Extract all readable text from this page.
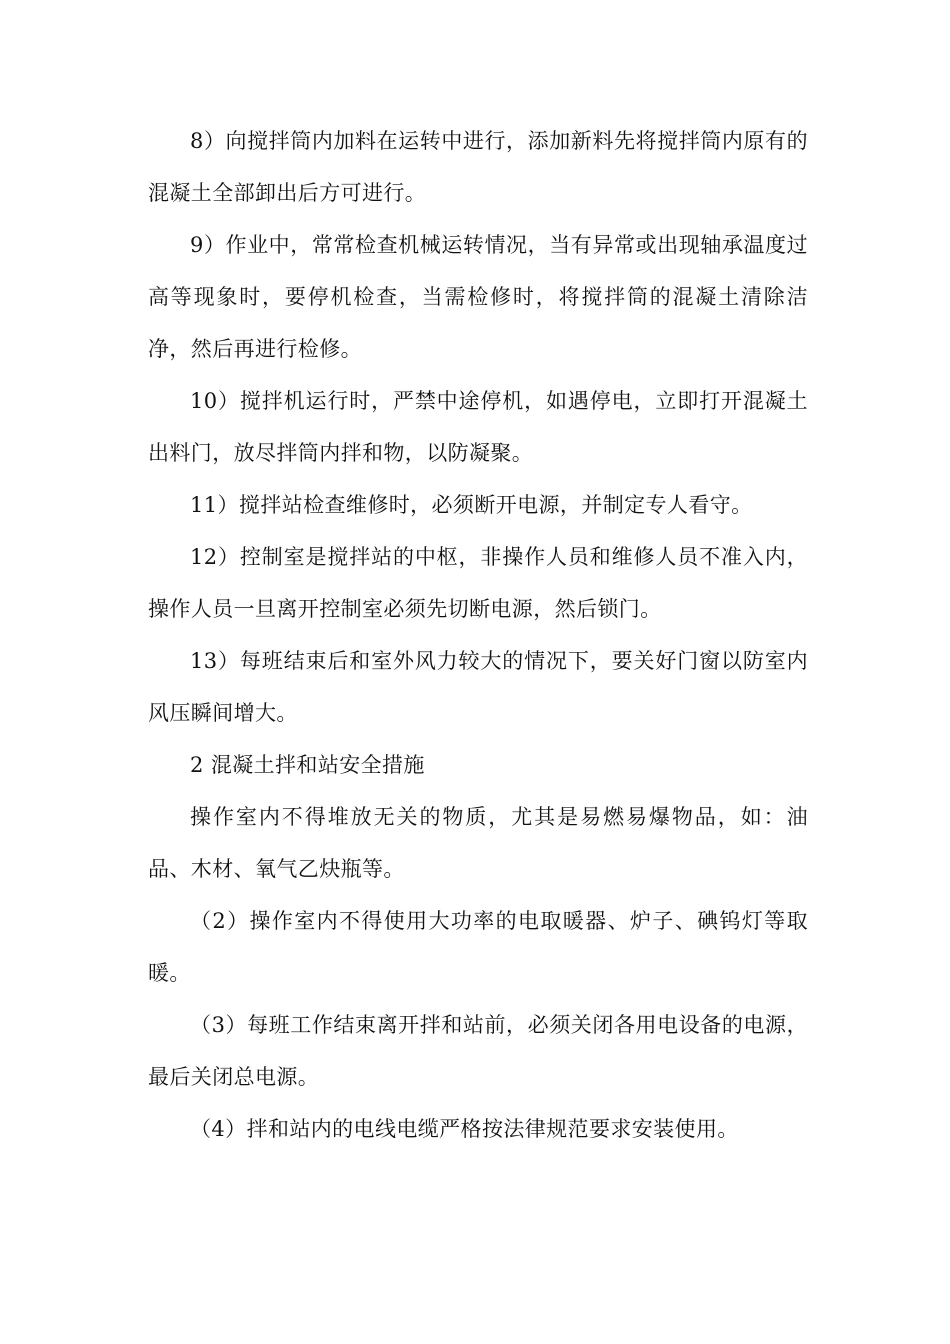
8）向搅拌筒内加料在运转中进行，添加新料先将搅拌筒内原有的混凝土全部卸出后方可进行。

9）作业中，常常检查机械运转情况，当有异常或出现轴承温度过高等现象时，要停机检查，当需检修时，将搅拌筒的混凝土清除洁净，然后再进行检修。

10）搅拌机运行时，严禁中途停机，如遇停电，立即打开混凝土出料门，放尽拌筒内拌和物，以防凝聚。

11）搅拌站检查维修时，必须断开电源，并制定专人看守。

12）控制室是搅拌站的中枢，非操作人员和维修人员不准入内，操作人员一旦离开控制室必须先切断电源，然后锁门。

13）每班结束后和室外风力较大的情况下，要关好门窗以防室内风压瞬间增大。

2 混凝土拌和站安全措施

操作室内不得堆放无关的物质，尤其是易燃易爆物品，如：油品、木材、氧气乙炔瓶等。

（2）操作室内不得使用大功率的电取暖器、炉子、碘钨灯等取暖。

（3）每班工作结束离开拌和站前，必须关闭各用电设备的电源，最后关闭总电源。

（4）拌和站内的电线电缆严格按法律规范要求安装使用。
